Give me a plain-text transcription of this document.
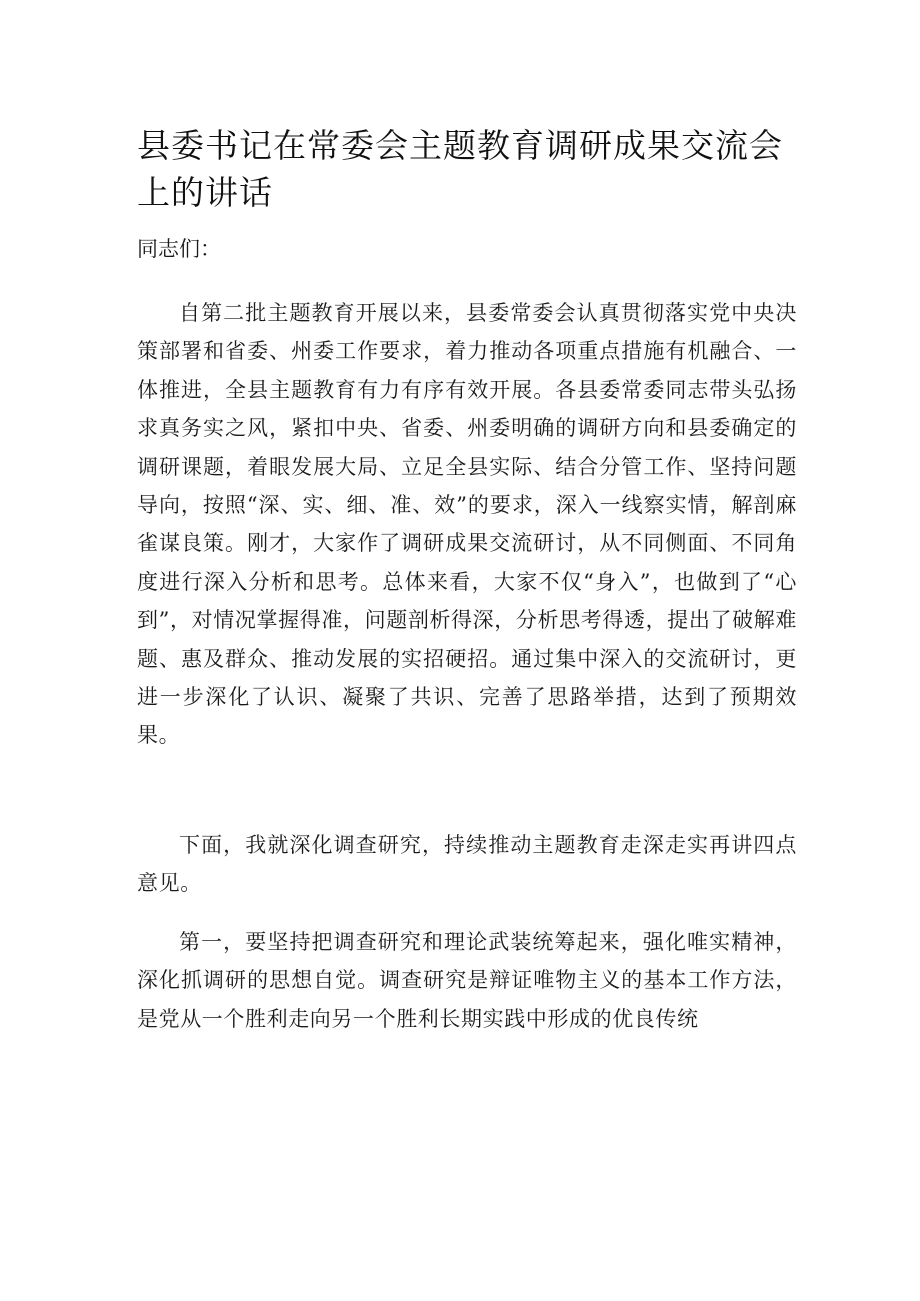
县委书记在常委会主题教育调研成果交流会上的讲话

同志们：

自第二批主题教育开展以来，县委常委会认真贯彻落实党中央决策部署和省委、州委工作要求，着力推动各项重点措施有机融合、一体推进，全县主题教育有力有序有效开展。各县委常委同志带头弘扬求真务实之风，紧扣中央、省委、州委明确的调研方向和县委确定的调研课题，着眼发展大局、立足全县实际、结合分管工作、坚持问题导向，按照“深、实、细、准、效”的要求，深入一线察实情，解剖麻雀谋良策。刚才，大家作了调研成果交流研讨，从不同侧面、不同角度进行深入分析和思考。总体来看，大家不仅“身入”，也做到了“心到”，对情况掌握得准，问题剖析得深，分析思考得透，提出了破解难题、惠及群众、推动发展的实招硬招。通过集中深入的交流研讨，更进一步深化了认识、凝聚了共识、完善了思路举措，达到了预期效果。

下面，我就深化调查研究，持续推动主题教育走深走实再讲四点意见。

第一，要坚持把调查研究和理论武装统筹起来，强化唯实精神，深化抓调研的思想自觉。调查研究是辩证唯物主义的基本工作方法，是党从一个胜利走向另一个胜利长期实践中形成的优良传统
